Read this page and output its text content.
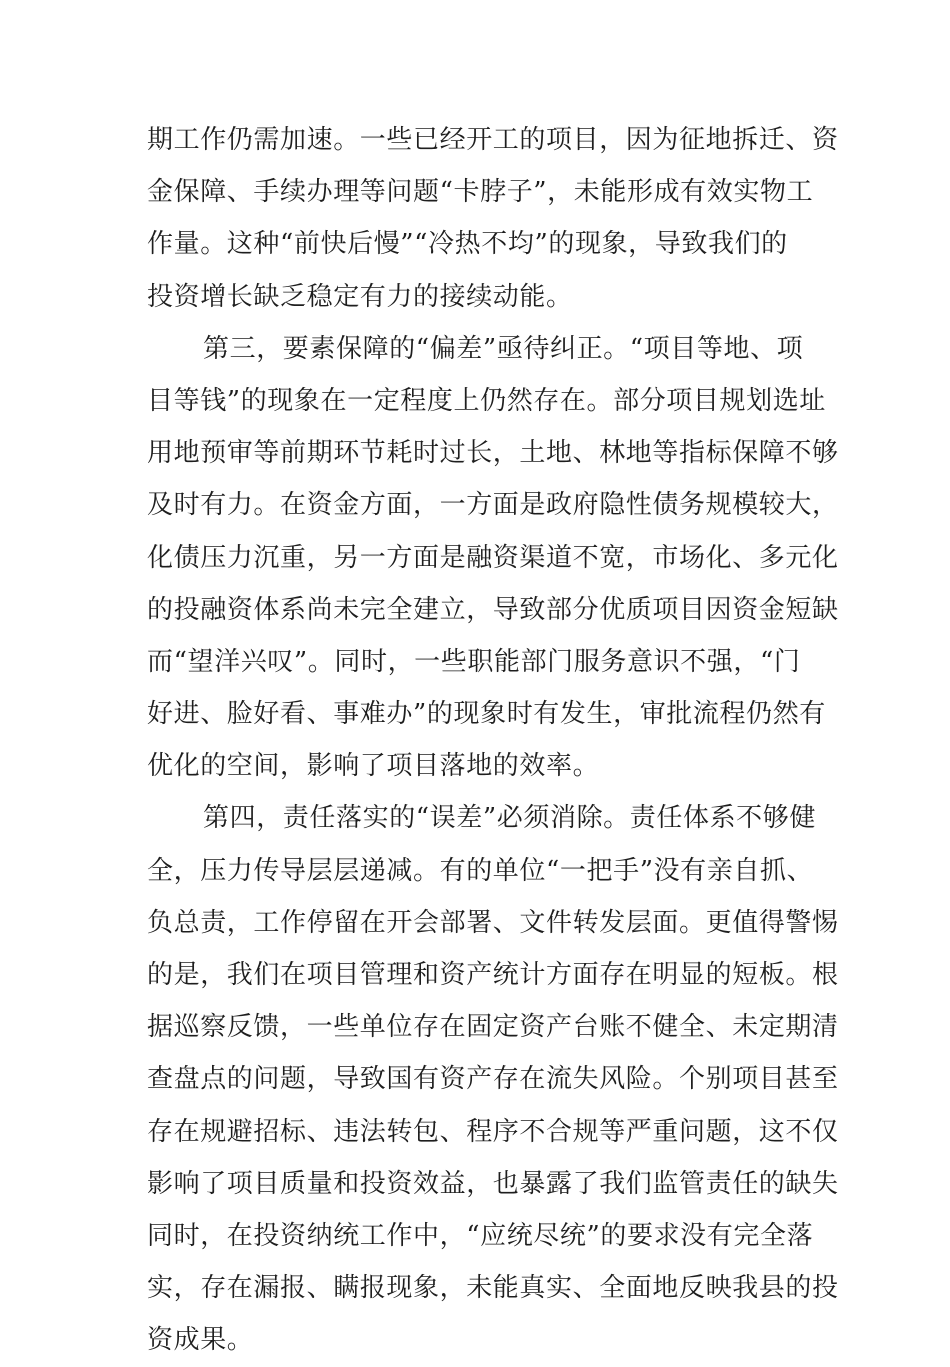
期工作仍需加速。一些已经开工的项目，因为征地拆迁、资
金保障、手续办理等问题“卡脖子”，未能形成有效实物工
作量。这种“前快后慢”“冷热不均”的现象，导致我们的
投资增长缺乏稳定有力的接续动能。
第三，要素保障的“偏差”亟待纠正。“项目等地、项
目等钱”的现象在一定程度上仍然存在。部分项目规划选址
用地预审等前期环节耗时过长，土地、林地等指标保障不够
及时有力。在资金方面，一方面是政府隐性债务规模较大，
化债压力沉重，另一方面是融资渠道不宽，市场化、多元化
的投融资体系尚未完全建立，导致部分优质项目因资金短缺
而“望洋兴叹”。同时，一些职能部门服务意识不强，“门
好进、脸好看、事难办”的现象时有发生，审批流程仍然有
优化的空间，影响了项目落地的效率。
第四，责任落实的“误差”必须消除。责任体系不够健
全，压力传导层层递减。有的单位“一把手”没有亲自抓、
负总责，工作停留在开会部署、文件转发层面。更值得警惕
的是，我们在项目管理和资产统计方面存在明显的短板。根
据巡察反馈，一些单位存在固定资产台账不健全、未定期清
查盘点的问题，导致国有资产存在流失风险。个别项目甚至
存在规避招标、违法转包、程序不合规等严重问题，这不仅
影响了项目质量和投资效益，也暴露了我们监管责任的缺失
同时，在投资纳统工作中，“应统尽统”的要求没有完全落
实，存在漏报、瞒报现象，未能真实、全面地反映我县的投
资成果。
